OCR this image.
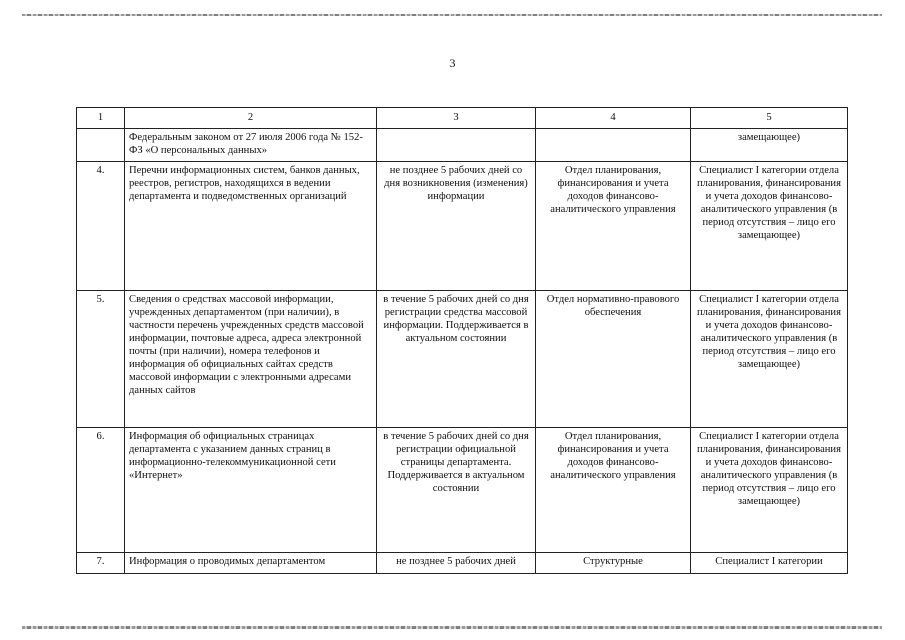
3
1	2	3	4	5
	Федеральным законом от 27 июля 2006 года № 152-ФЗ «О персональных данных»			замещающее)
4.	Перечни информационных систем, банков данных, реестров, регистров, находящихся в ведении департамента и подведомственных организаций	не позднее 5 рабочих дней со дня возникновения (изменения) информации	Отдел планирования, финансирования и учета доходов финансово-аналитического управления	Специалист I категории отдела планирования, финансирования и учета доходов финансово-аналитического управления (в период отсутствия – лицо его замещающее)
5.	Сведения о средствах массовой информации, учрежденных департаментом (при наличии), в частности перечень учрежденных средств массовой информации, почтовые адреса, адреса электронной почты (при наличии), номера телефонов и информация об официальных сайтах средств массовой информации с электронными адресами данных сайтов	в течение 5 рабочих дней со дня регистрации средства массовой информации. Поддерживается в актуальном состоянии	Отдел нормативно-правового обеспечения	Специалист I категории отдела планирования, финансирования и учета доходов финансово-аналитического управления (в период отсутствия – лицо его замещающее)
6.	Информация об официальных страницах департамента с указанием данных страниц в информационно-телекоммуникационной сети «Интернет»	в течение 5 рабочих дней со дня регистрации официальной страницы департамента. Поддерживается в актуальном состоянии	Отдел планирования, финансирования и учета доходов финансово-аналитического управления	Специалист I категории отдела планирования, финансирования и учета доходов финансово-аналитического управления (в период отсутствия – лицо его замещающее)
7.	Информация о проводимых департаментом	не позднее 5 рабочих дней	Структурные	Специалист I категории
